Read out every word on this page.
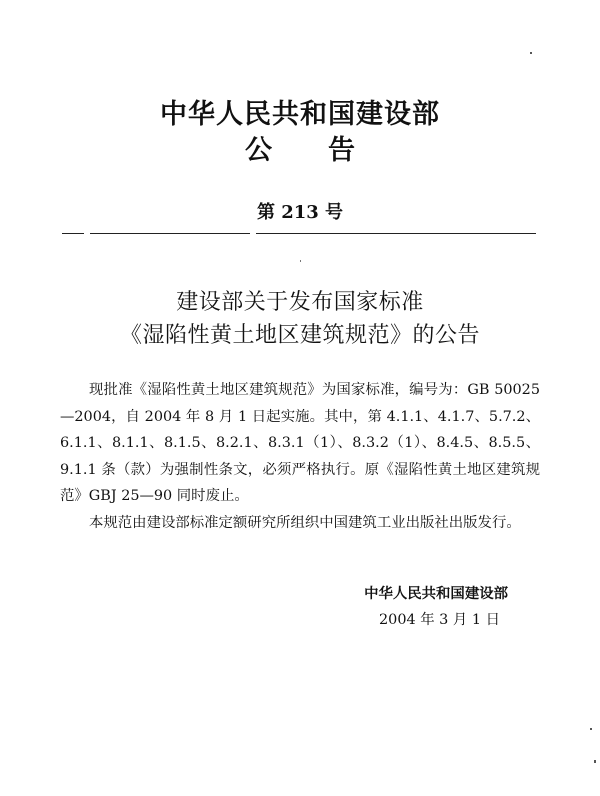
中华人民共和国建设部
公 告
第 213 号
建设部关于发布国家标准
《湿陷性黄土地区建筑规范》的公告

现批准《湿陷性黄土地区建筑规范》为国家标准，编号为：GB 50025—2004，自 2004 年 8 月 1 日起实施。其中，第 4.1.1、4.1.7、5.7.2、6.1.1、8.1.1、8.1.5、8.2.1、8.3.1（1）、8.3.2（1）、8.4.5、8.5.5、9.1.1 条（款）为强制性条文，必须严格执行。原《湿陷性黄土地区建筑规范》GBJ 25—90 同时废止。

本规范由建设部标准定额研究所组织中国建筑工业出版社出版发行。

中华人民共和国建设部
2004 年 3 月 1 日
